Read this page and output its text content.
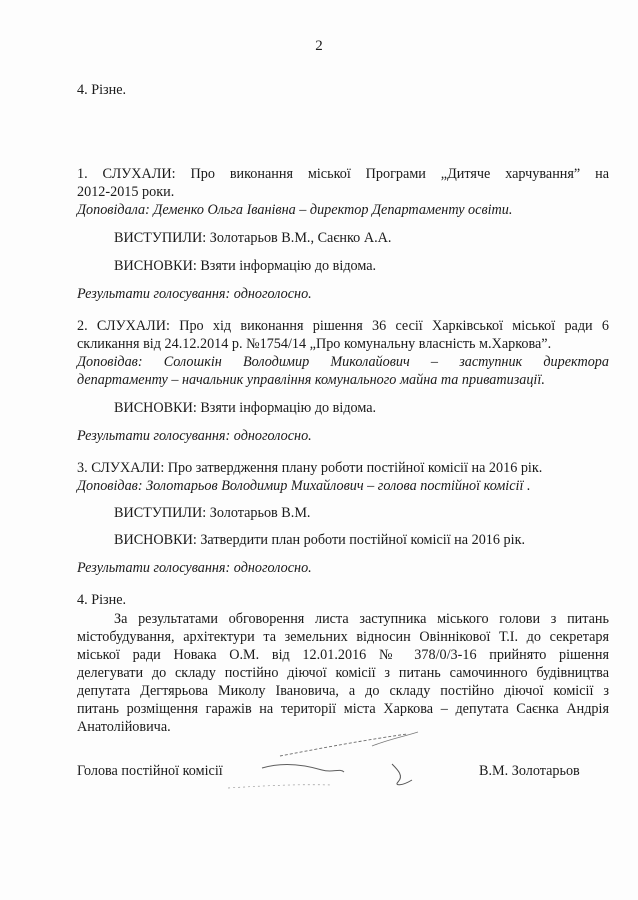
2
4. Різне.
1. СЛУХАЛИ: Про виконання міської Програми „Дитяче харчування” на
2012-2015 роки.
Доповідала: Деменко Ольга Іванівна – директор Департаменту освіти.
ВИСТУПИЛИ: Золотарьов В.М., Саєнко А.А.
ВИСНОВКИ: Взяти інформацію до відома.
Результати голосування: одноголосно.
2. СЛУХАЛИ: Про хід виконання рішення 36 сесії Харківської міської ради 6
скликання від 24.12.2014 р. №1754/14 „Про комунальну власність м.Харкова”.
Доповідав: Солошкін Володимир Миколайович – заступник директора
департаменту – начальник управління комунального майна та приватизації.
ВИСНОВКИ: Взяти інформацію до відома.
Результати голосування: одноголосно.
3. СЛУХАЛИ: Про затвердження плану роботи постійної комісії на 2016 рік.
Доповідав: Золотарьов Володимир Михайлович – голова постійної комісії .
ВИСТУПИЛИ: Золотарьов В.М.
ВИСНОВКИ: Затвердити план роботи постійної комісії на 2016 рік.
Результати голосування: одноголосно.
4. Різне.
За результатами обговорення листа заступника міського голови з питань
містобудування, архітектури та земельних відносин Овіннікової Т.І. до секретаря
міської ради Новака О.М. від 12.01.2016 № 378/0/3-16 прийнято рішення
делегувати до складу постійно діючої комісії з питань самочинного будівництва
депутата Дегтярьова Миколу Івановича, а до складу постійно діючої комісії з
питань розміщення гаражів на території міста Харкова – депутата Саєнка Андрія
Анатолійовича.
Голова постійної комісії	В.М. Золотарьов
